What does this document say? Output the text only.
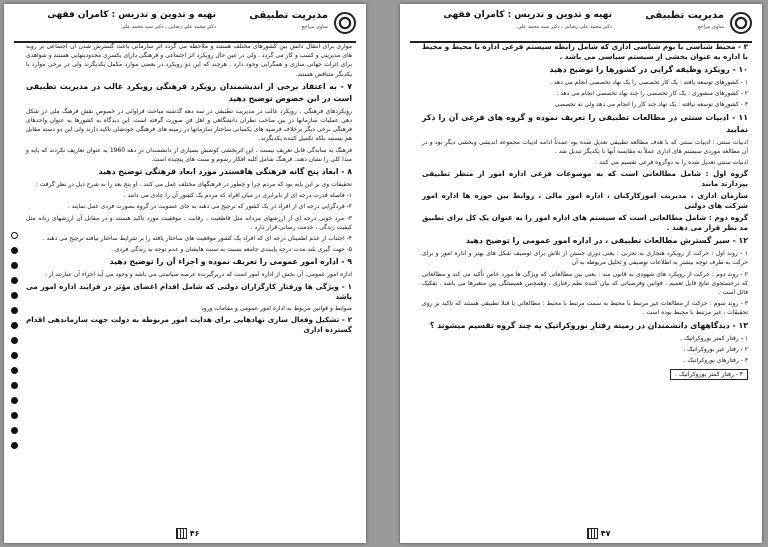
مدیریت تطبیقی
تهیه و تدوین و تدریس : کامران فقهی
ساوی مراجع
دکتر محمد علی رضایی ، دکتر سید محمد علی

مواری برای انتقال دانش بین کشورهای مختلف هستند و ملاحظه می گردد اثر سازمانی باعث گسترش شدن آن اجتماعی بر روبه های مدیریتی و کسب و کار می گردد . ولی در عین حال رویکرد اثر اجتماعی و فرهنگی دارای یکسری محدودیتهایی هستند و شواهدی برای اثرات جهانی سازی و همگرایی وجود دارد . هرچند که این دو رویکرد در بعضی موارد مکمل یکدیگرند ولی در برخی موارد با یکدیگر متناقض هستند.

۷ - به اعتقاد برخی از اندیشمندان رویکرد فرهنگی رویکرد غالب در مدیریت تطبیقی است در این خصوص توضیح دهید

رویکردهای فرهنگی ، رویکرد غالب در مدیریت تطبیقی در سه دهه گذشته مباحث فراوانی در خصوص نقش فرهنگ ملی در شکل دهی عملیات سازمانها در بین صاحب نظران دانشگاهی و اهل فن صورت گرفته است. این دیدگاه به کشورها به عنوان واحدهای فرهنگی برخی دیگر برخلاف فرضیه های یکسانی ساختار سازمانها در زمینه های فرهنگی خودشان تاکید دارند ولی این دو دسته مقابل هم نیستند بلکه تکمیل کننده یکدیگرند.

فرهنگ به ساندگی قابل تعریف نیست ، این اثربخشی کوشش بسیاری از دانشمندان در دهه 1960 به عنوان تعاریف نکردند که پایه و مبدا کلی را نشان دهند. فرهنگ شامل کلیه افکار رسوم و سنت های پیچیده است.

۸ - ابعاد پنج گانه فرهنگی هافستدر مورد ابعاد فرهنگی توضیح دهید

تحقیقات وی بر این پایه بود که مردم چرا و چطور در فرهنگهای مختلف عمل می کنند . او پنج بعد را به شرح ذیل در نظر گرفت :

۱- فاصله قدرت درجه ای از نابرابری در میان افراد که مردم یک کشور آن را عادی می دانند .

۲- فردگرایی درجه ای از افراد در یک کشور که ترجیح می دهند به جای عضویت در گروه بصورت فردی عمل نمایند .

۳- مرد خویی درجه ای از ارزشهای مردانه مثل قاطعیت ، رقابت ، موفقیت مورد تاکید هستند و در مقابل آن ارزشهای زنانه مثل کیفیت زندگی ، خدمت رسانی قرار دارد .

۴- اجتناب از عدم اطمینان درجه ای که افراد یک کشور موقعیت های ساختار یافته را بر شرایط ساختار نیافته ترجیح می دهند .

۵- جهت گیری بلند مدت درجه پایبندی جامعه نسبت به سنت هایشان و عدم توجه به زندگی فردی .

۹ - اداره امور عمومی را تعریف نموده و اجزاء آن را توضیح دهید

اداره امور عمومی، آن بخش از اداره امور است که دربرگیرنده عرصه سیاستی می باشد و وجود می آید اجزاء آن عبارتند از :

۱ - ویژگی ها ورفتار کارگزاران دولتی که شامل اقدام اعضای مؤثر در فرایند اداره امور می باشد

ضوابط و قوانین مربوط به اداره امور عمومی و مقامات ورود

۲ - تشکیل وفعال سازی نهادهایی برای هدایت امور مربوطه به دولت جهت سازماندهی اقدام گسترده اداری

۴۶
مدیریت تطبیقی
تهیه و تدوین و تدریس : کامران فقهی
ساوی مراجع
دکتر محمد علی رضایی ، دکتر سید محمد علی

۳ - محیط شناسی یا بوم شناسی اداری که شامل رابطه سیستم فرعی اداره با محیط و محیط با اداره به عنوان بخشی از سیستم سیاسی می باشد .

۱۰ - رویکرد وظیفه گرایی در کشورها را توضیح دهید

۱ - کشورهای توسعه یافته : یک کار تخصصی را یک نهاد تخصصی انجام می دهد .

۲ - کشورهای منشوری : یک کار تخصصی را چند نهاد تخصصی انجام می دهد .

۳ - کشورهای توسعه نیافته : یک نهاد چند کار را انجام می دهد ولی نه تخصصی

۱۱ - ادبیات سنتی در مطالعات تطبیقی را تعریف نموده و گروه های فرعی آن را ذکر نمایید

ادبیات سنتی : ادبیات سنتی که با هدف مطالعه تطبیقی تعدیل شده بود عمدتاً ادامه ادبیات مجموعه اندیشی وبخشی دیگر بود و در آن مطالعه موردی سیستم های اداری عملاً به مقایسه آنها با یکدیگر تبدیل شد .

ادبیات سنتی تعدیل شده را به دوگروه فرعی تقسیم می کنند :

گروه اول : شامل مطالعاتی است که به موضوعات فرعی اداره امور از منظر تطبیقی بپردازند مانند

سازمان اداری ، مدیریت امورکارکنان ، اداره امور مالی ، روابط بین حوزه ها اداره امور شرکت های دولتی

گروه دوم : شامل مطالعاتی است که سیستم های اداره امور را به عنوان یک کل برای تطبیق مد نظر قرار می دهند .

۱۲ - سیر گسترش مطالعات تطبیقی ، در اداره امور عمومی را توضیح دهید

۱ - روند اول : حرکت از رویکرد هنجاری به تجربی : یعنی دوری جستن از تلاش برای توصیف شکل های بهتر و اداره امور و برای حرکت به طرف توجه بیشتر به اطلاعات توصیفی و تحلیل مربوطه به آن

۲ - روند دوم : حرکت از رویکرد های شهودی به قانون مند : یعنی بین مطالعاتی که ویژگی ها مورد خاص تأکید می کند و مطالعاتی که درجستجوی نتایج قابل تعمیم ، قوانین وفرضیاتی که بیان کننده نظم رفتاری ، وهمچنین همبستگی بین متغیرها می باشد . تفکیک قائل است .

۳ - روند سوم : حرکت از مطالعات غیر مرتبط با محیط به سمت مرتبط با محیط : مطالعاتی یا قبلا تطبیقی هستند که تاکید بر روی تحقیقات ، غیر مرتبط با محیط بوده است .

۱۳ - دیدگاههای دانشمندان در زمینه رفتار بوروکراتیک به چند گروه تقسیم میشوند ؟

۱ - رفتار کمتر بوروکراتیک .

۲ - رفتار غیر بوروکراتیک .

۳ - رفتارهای بوروکراتیک .

۴ - رفتار کمتر بوروکراتیک .

۴۷
